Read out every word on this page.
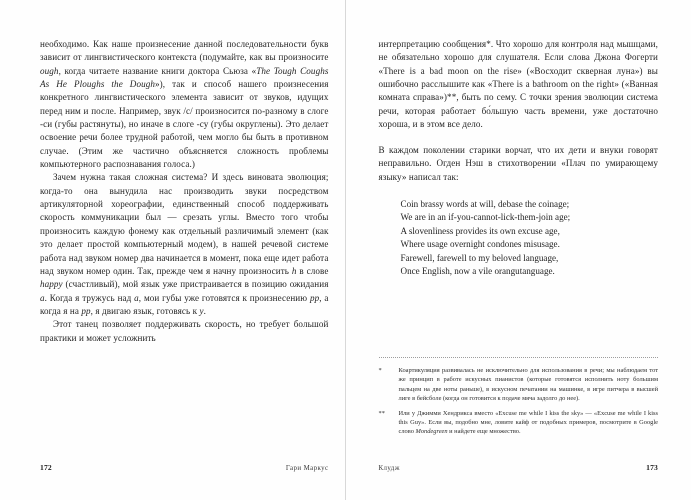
необходимо. Как наше произнесение данной последовательности букв зависит от лингвистического контекста (подумайте, как вы произносите ough, когда читаете название книги доктора Сьюза «The Tough Coughs As He Ploughs the Dough»), так и способ нашего произнесения конкретного лингвистического элемента зависит от звуков, идущих перед ним и после. Например, звук /с/ произносится по-разному в слоге -си (губы растянуты), но иначе в слоге -су (губы округлены). Это делает освоение речи более трудной работой, чем могло бы быть в противном случае. (Этим же частично объясняется сложность проблемы компьютерного распознавания голоса.)

Зачем нужна такая сложная система? И здесь виновата эволюция; когда-то она вынудила нас производить звуки посредством артикуляторной хореографии, единственный способ поддерживать скорость коммуникации был — срезать углы. Вместо того чтобы произносить каждую фонему как отдельный различимый элемент (как это делает простой компьютерный модем), в нашей речевой системе работа над звуком номер два начинается в момент, пока еще идет работа над звуком номер один. Так, прежде чем я начну произносить h в слове happy (счастливый), мой язык уже пристраивается в позицию ожидания a. Когда я тружусь над a, мои губы уже готовятся к произнесению pp, а когда я на pp, я двигаю язык, готовясь к y.

Этот танец позволяет поддерживать скорость, но требует большой практики и может усложнить

172	Гари Маркус

интерпретацию сообщения*. Что хорошо для контроля над мышцами, не обязательно хорошо для слушателя. Если слова Джона Фогерти «There is a bad moon on the rise» («Восходит скверная луна») вы ошибочно расслышите как «There is a bathroom on the right» («Ванная комната справа»)**, быть по сему. С точки зрения эволюции система речи, которая работает бо́льшую часть времени, уже достаточно хороша, и в этом все дело.

В каждом поколении старики ворчат, что их дети и внуки говорят неправильно. Огден Нэш в стихотворении «Плач по умирающему языку» написал так:

Coin brassy words at will, debase the coinage;
We are in an if-you-cannot-lick-them-join age;
A slovenliness provides its own excuse age,
Where usage overnight condones misusage.
Farewell, farewell to my beloved language,
Once English, now a vile orangutanguage.
*	Коартикуляция развивалась не исключительно для использования в речи; мы наблюдаем тот же принцип в работе искусных пианистов (которые готовятся исполнить ноту большим пальцем на две ноты раньше), в искусном печатании на машинке, в игре питчера в высшей лиге в бейсболе (когда он готовится к подаче мяча задолго до нее).
**	Или у Джимми Хендрикса вместо «Excuse me while I kiss the sky» — «Excuse me while I kiss this Guy». Если вы, подобно мне, ловите кайф от подобных примеров, посмотрите в Google слово Mondegreen и найдете еще множество.
Клудж	173
